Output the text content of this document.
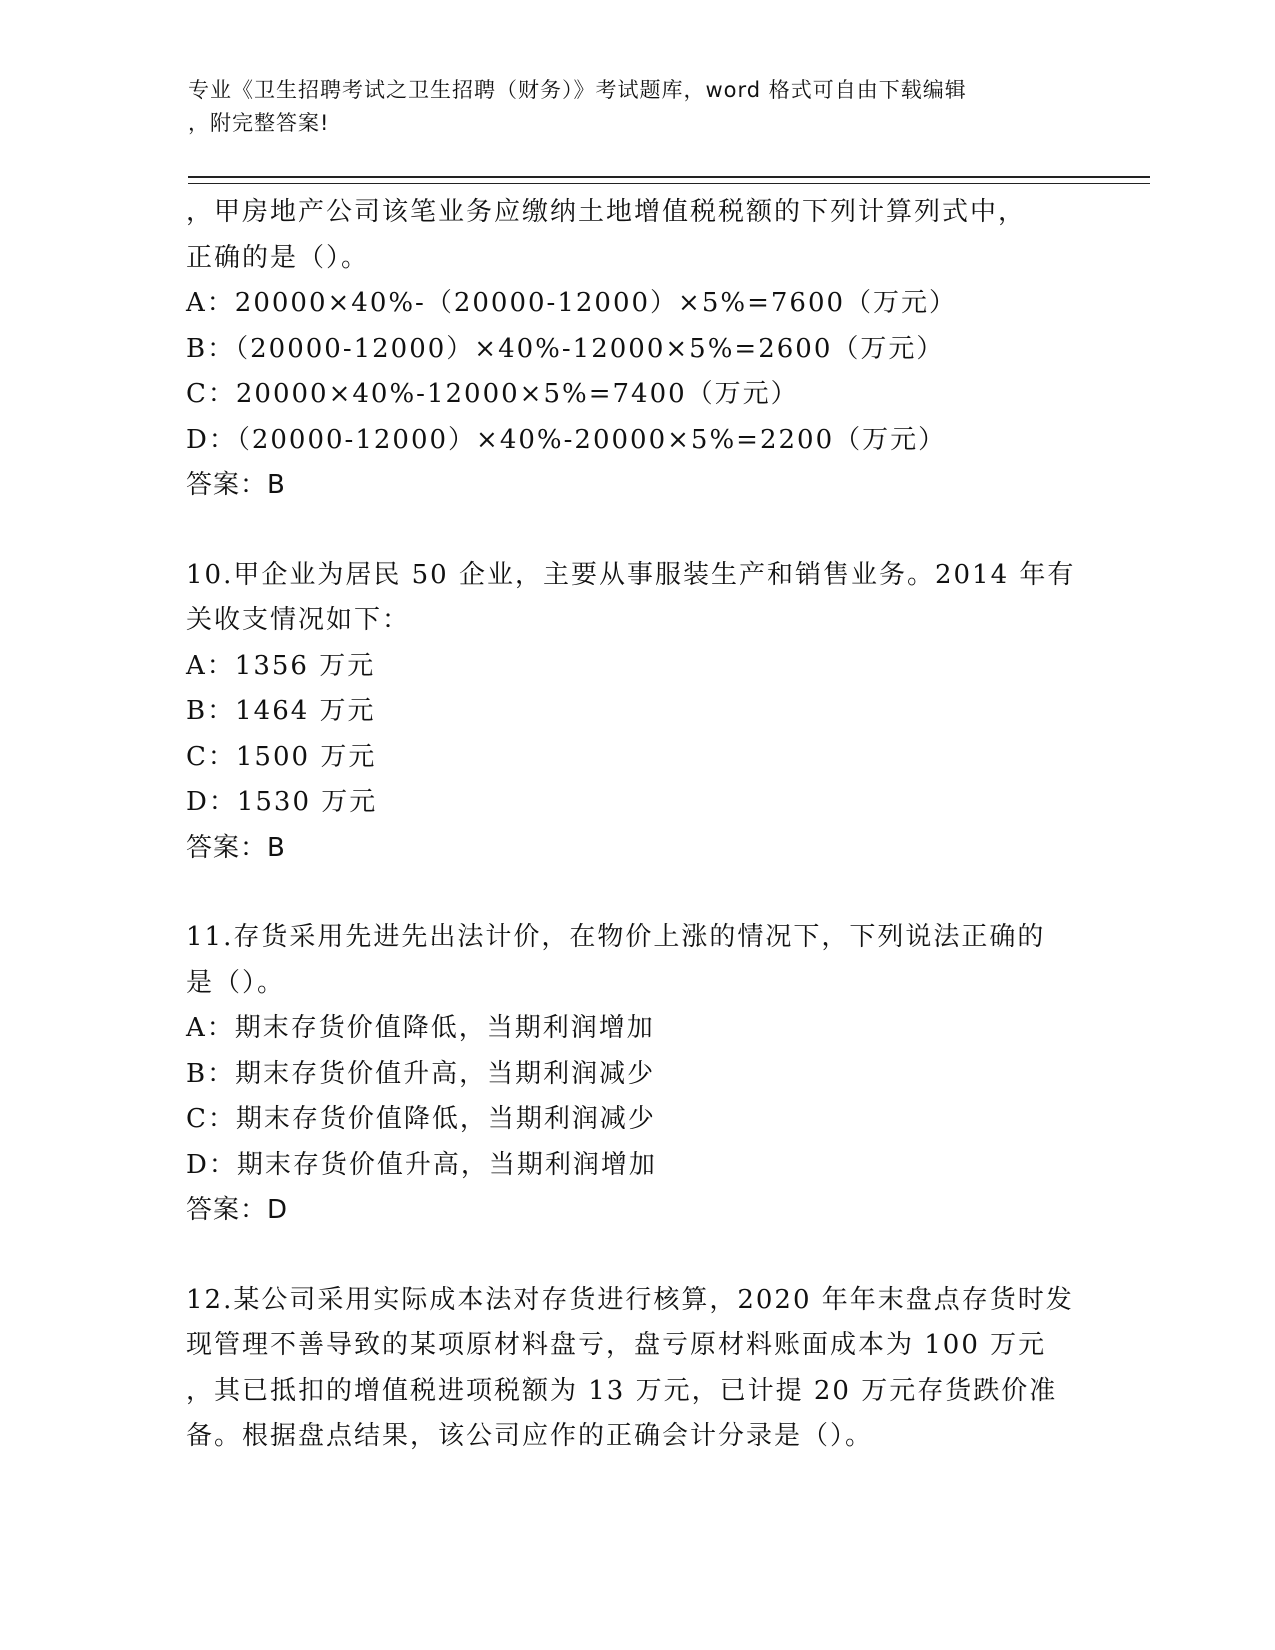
专业《卫生招聘考试之卫生招聘（财务）》考试题库，word 格式可自由下载编辑
，附完整答案!
，甲房地产公司该笔业务应缴纳土地增值税税额的下列计算列式中，
正确的是（）。
A：20000×40%-（20000-12000）×5%=7600（万元）
B：（20000-12000）×40%-12000×5%=2600（万元）
C：20000×40%-12000×5%=7400（万元）
D：（20000-12000）×40%-20000×5%=2200（万元）
答案：B
10.甲企业为居民 50 企业，主要从事服装生产和销售业务。2014 年有
关收支情况如下：
A：1356 万元
B：1464 万元
C：1500 万元
D：1530 万元
答案：B
11.存货采用先进先出法计价，在物价上涨的情况下，下列说法正确的
是（）。
A：期末存货价值降低，当期利润增加
B：期末存货价值升高，当期利润减少
C：期末存货价值降低，当期利润减少
D：期末存货价值升高，当期利润增加
答案：D
12.某公司采用实际成本法对存货进行核算，2020 年年末盘点存货时发
现管理不善导致的某项原材料盘亏，盘亏原材料账面成本为 100 万元
，其已抵扣的增值税进项税额为 13 万元，已计提 20 万元存货跌价准
备。根据盘点结果，该公司应作的正确会计分录是（）。
